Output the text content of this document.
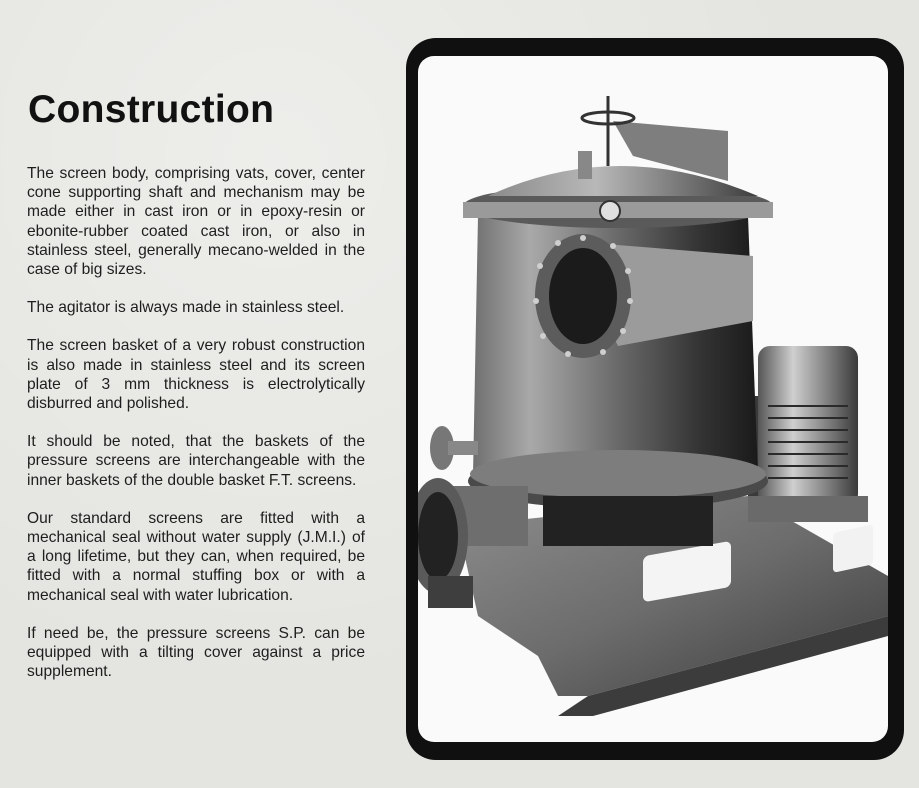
Construction

The screen body, comprising vats, cover, center cone supporting shaft and mechanism may be made either in cast iron or in epoxy-resin or ebonite-rubber coated cast iron, or also in stainless steel, generally mecano-welded in the case of big sizes.

The agitator is always made in stainless steel.

The screen basket of a very robust construction is also made in stainless steel and its screen plate of 3 mm thickness is electrolytically disburred and polished.

It should be noted, that the baskets of the pressure screens are interchangeable with the inner baskets of the double basket F.T. screens.

Our standard screens are fitted with a mechanical seal without water supply (J.M.I.) of a long lifetime, but they can, when required, be fitted with a normal stuffing box or with a mechanical seal with water lubrication.

If need be, the pressure screens S.P. can be equipped with a tilting cover against a price supplement.
